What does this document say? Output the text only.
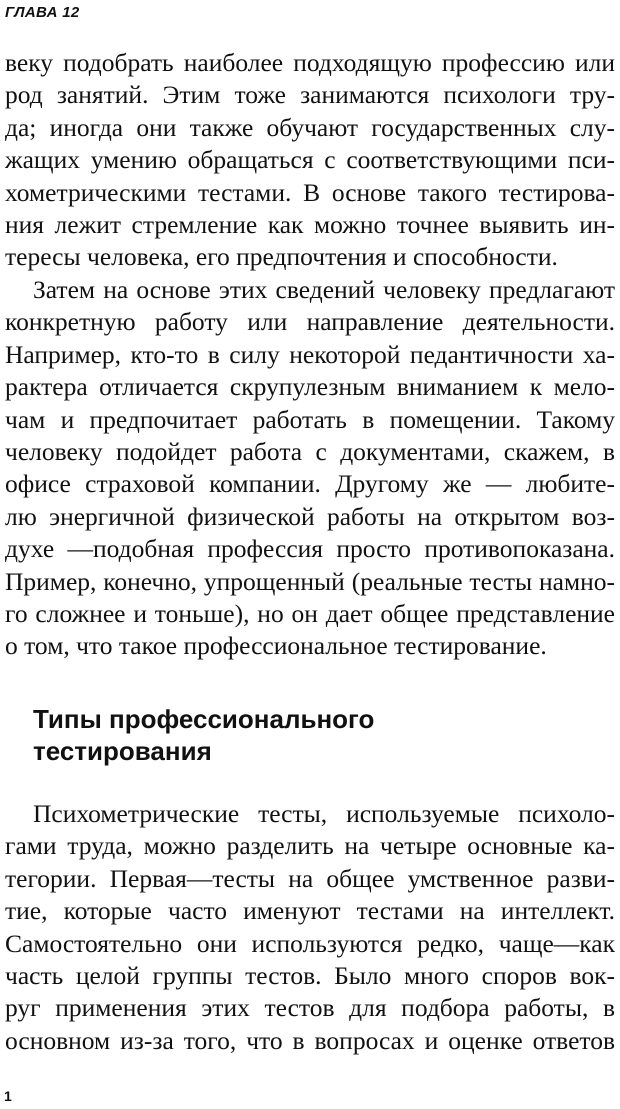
ГЛАВА 12
веку подобрать наиболее подходящую профессию или
род занятий. Этим тоже занимаются психологи тру-
да; иногда они также обучают государственных слу-
жащих умению обращаться с соответствующими пси-
хометрическими тестами. В основе такого тестирова-
ния лежит стремление как можно точнее выявить ин-
тересы человека, его предпочтения и способности.
Затем на основе этих сведений человеку предлагают
конкретную работу или направление деятельности.
Например, кто-то в силу некоторой педантичности ха-
рактера отличается скрупулезным вниманием к мело-
чам и предпочитает работать в помещении. Такому
человеку подойдет работа с документами, скажем, в
офисе страховой компании. Другому же — любите-
лю энергичной физической работы на открытом воз-
духе —подобная профессия просто противопоказана.
Пример, конечно, упрощенный (реальные тесты намно-
го сложнее и тоньше), но он дает общее представление
о том, что такое профессиональное тестирование.
Типы профессионального
тестирования
Психометрические тесты, используемые психоло-
гами труда, можно разделить на четыре основные ка-
тегории. Первая—тесты на общее умственное разви-
тие, которые часто именуют тестами на интеллект.
Самостоятельно они используются редко, чаще—как
часть целой группы тестов. Было много споров вок-
руг применения этих тестов для подбора работы, в
основном из-за того, что в вопросах и оценке ответов
1
